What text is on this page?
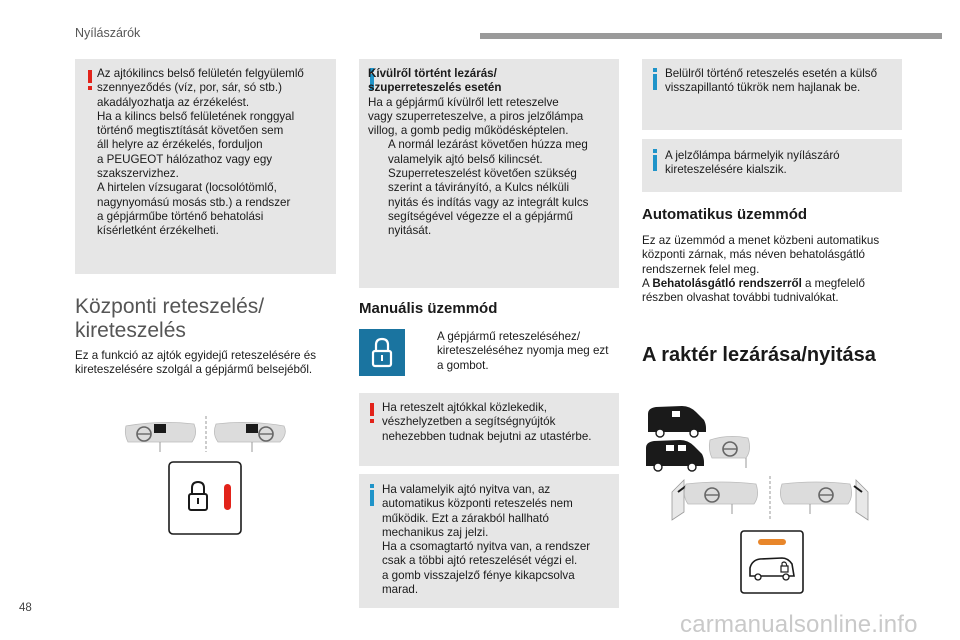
Nyílászárók
Az ajtókilincs belső felületén felgyülemlő
szennyeződés (víz, por, sár, só stb.)
akadályozhatja az érzékelést.
Ha a kilincs belső felületének ronggyal
történő megtisztítását követően sem
áll helyre az érzékelés, forduljon
a PEUGEOT hálózathoz vagy egy
szakszervizhez.
A hirtelen vízsugarat (locsolótömlő,
nagynyomású mosás stb.) a rendszer
a gépjárműbe történő behatolási
kísérletként érzékelheti.
Központi reteszelés/
kireteszelés
Ez a funkció az ajtók egyidejű reteszelésére és
kireteszelésére szolgál a gépjármű belsejéből.
Kívülről történt lezárás/
szuperreteszelés esetén
Ha a gépjármű kívülről lett reteszelve
vagy szuperreteszelve, a piros jelzőlámpa
villog, a gomb pedig működésképtelen.
A normál lezárást követően húzza meg
valamelyik ajtó belső kilincsét.
Szuperreteszelést követően szükség
szerint a távirányító, a Kulcs nélküli
nyitás és indítás vagy az integrált kulcs
segítségével végezze el a gépjármű
nyitását.
Manuális üzemmód
A gépjármű reteszeléséhez/
kireteszeléséhez nyomja meg ezt
a gombot.
Ha reteszelt ajtókkal közlekedik,
vészhelyzetben a segítségnyújtók
nehezebben tudnak bejutni az utastérbe.
Ha valamelyik ajtó nyitva van, az
automatikus központi reteszelés nem
működik. Ezt a zárakból hallható
mechanikus zaj jelzi.
Ha a csomagtartó nyitva van, a rendszer
csak a többi ajtó reteszelését végzi el.
a gomb visszajelző fénye kikapcsolva
marad.
Belülről történő reteszelés esetén a külső
visszapillantó tükrök nem hajlanak be.
A jelzőlámpa bármelyik nyílászáró
kireteszelésére kialszik.
Automatikus üzemmód
Ez az üzemmód a menet közbeni automatikus
központi zárnak, más néven behatolásgátló
rendszernek felel meg.
A Behatolásgátló rendszerről a megfelelő
részben olvashat további tudnivalókat.
A raktér lezárása/nyitása
48
carmanualsonline.info
